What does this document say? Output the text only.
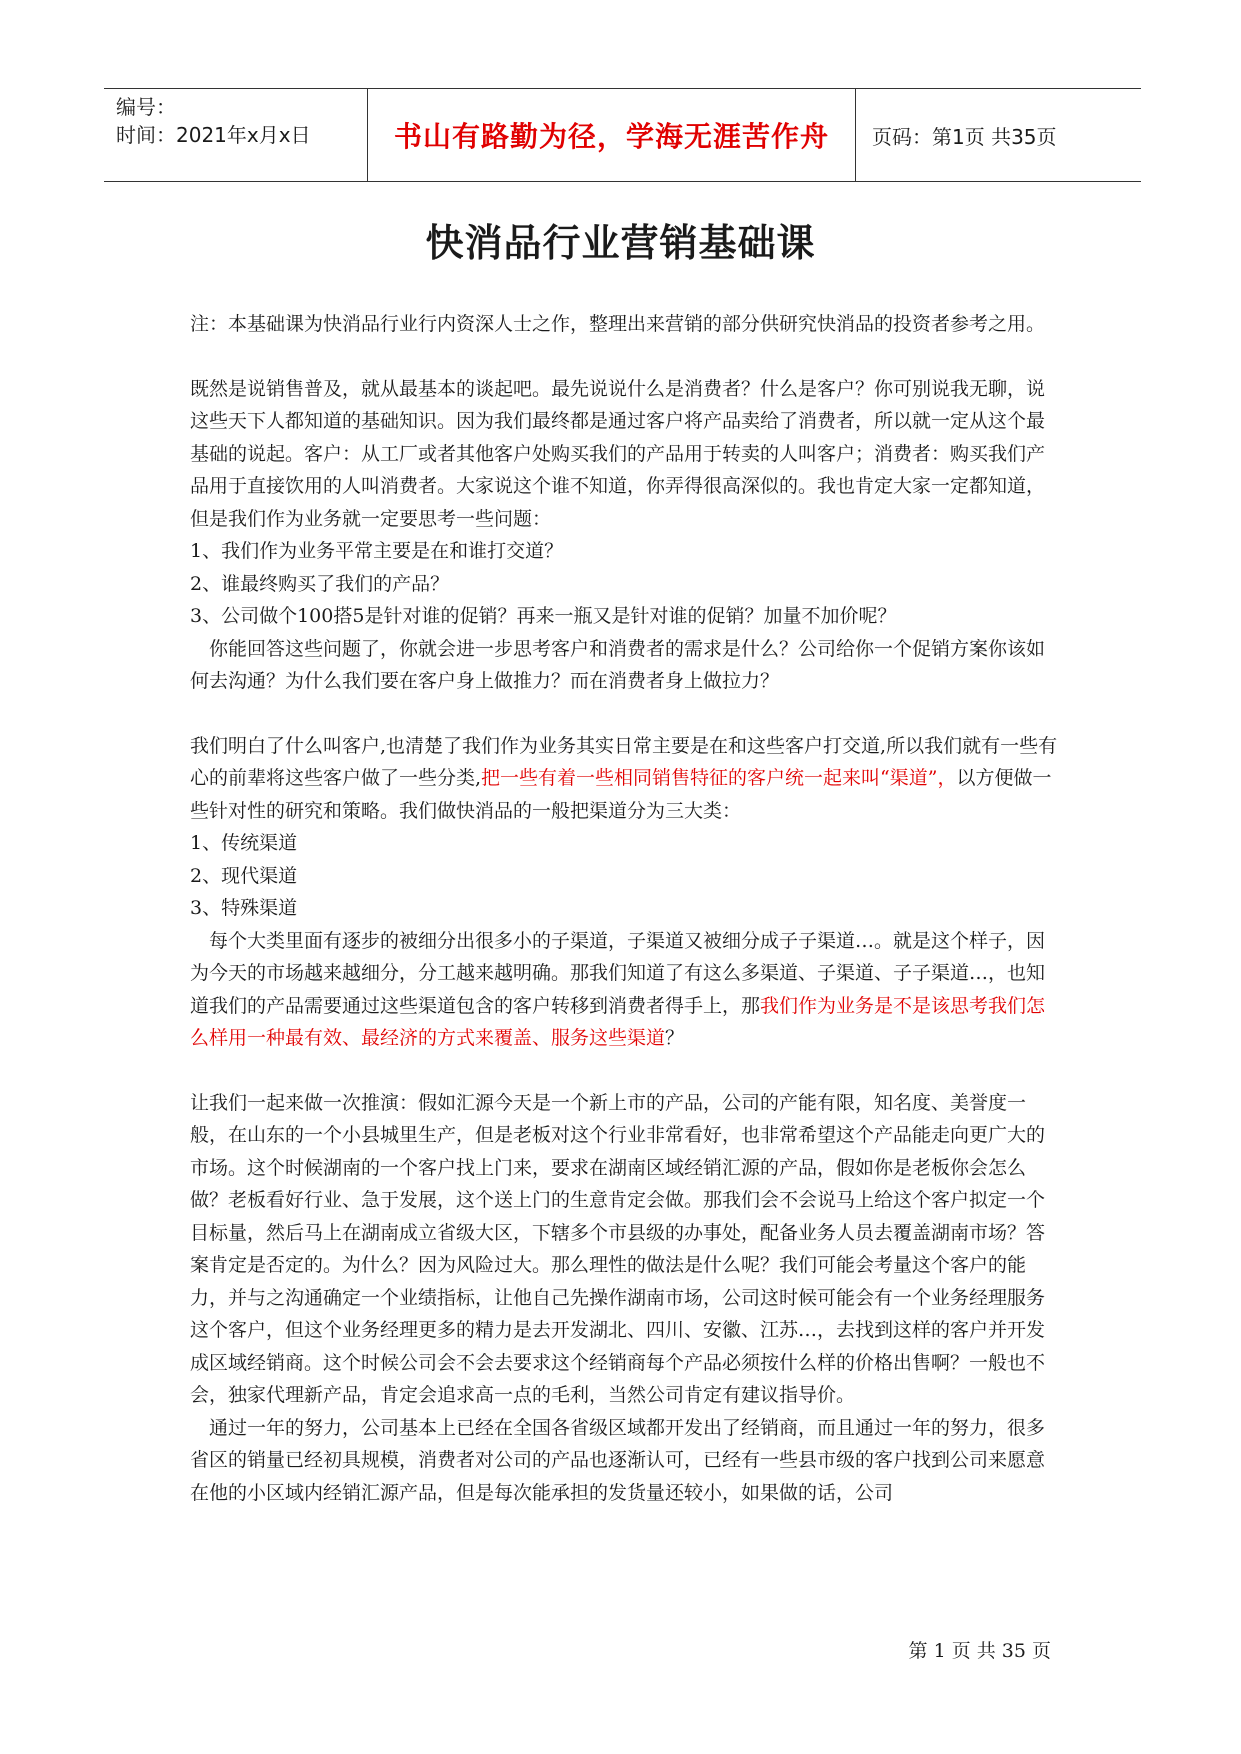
编号：
时间：2021年x月x日	书山有路勤为径，学海无涯苦作舟 页码：第1页 共35页
快消品行业营销基础课

注：本基础课为快消品行业行内资深人士之作，整理出来营销的部分供研究快消品的投资者参考之用。

既然是说销售普及，就从最基本的谈起吧。最先说说什么是消费者？什么是客户？你可别说我无聊，说这些天下人都知道的基础知识。因为我们最终都是通过客户将产品卖给了消费者，所以就一定从这个最基础的说起。客户：从工厂或者其他客户处购买我们的产品用于转卖的人叫客户；消费者：购买我们产品用于直接饮用的人叫消费者。大家说这个谁不知道，你弄得很高深似的。我也肯定大家一定都知道，但是我们作为业务就一定要思考一些问题：

1、我们作为业务平常主要是在和谁打交道？

2、谁最终购买了我们的产品？

3、公司做个100搭5是针对谁的促销？再来一瓶又是针对谁的促销？加量不加价呢？

你能回答这些问题了，你就会进一步思考客户和消费者的需求是什么？公司给你一个促销方案你该如何去沟通？为什么我们要在客户身上做推力？而在消费者身上做拉力？

我们明白了什么叫客户,也清楚了我们作为业务其实日常主要是在和这些客户打交道,所以我们就有一些有心的前辈将这些客户做了一些分类,把一些有着一些相同销售特征的客户统一起来叫“渠道”，以方便做一些针对性的研究和策略。我们做快消品的一般把渠道分为三大类：

1、传统渠道

2、现代渠道

3、特殊渠道

每个大类里面有逐步的被细分出很多小的子渠道，子渠道又被细分成子子渠道…。就是这个样子，因为今天的市场越来越细分，分工越来越明确。那我们知道了有这么多渠道、子渠道、子子渠道…，也知道我们的产品需要通过这些渠道包含的客户转移到消费者得手上，那我们作为业务是不是该思考我们怎么样用一种最有效、最经济的方式来覆盖、服务这些渠道？

让我们一起来做一次推演：假如汇源今天是一个新上市的产品，公司的产能有限，知名度、美誉度一般，在山东的一个小县城里生产，但是老板对这个行业非常看好，也非常希望这个产品能走向更广大的市场。这个时候湖南的一个客户找上门来，要求在湖南区域经销汇源的产品，假如你是老板你会怎么做？老板看好行业、急于发展，这个送上门的生意肯定会做。那我们会不会说马上给这个客户拟定一个目标量，然后马上在湖南成立省级大区，下辖多个市县级的办事处，配备业务人员去覆盖湖南市场？答案肯定是否定的。为什么？因为风险过大。那么理性的做法是什么呢？我们可能会考量这个客户的能力，并与之沟通确定一个业绩指标，让他自己先操作湖南市场，公司这时候可能会有一个业务经理服务这个客户，但这个业务经理更多的精力是去开发湖北、四川、安徽、江苏…，去找到这样的客户并开发成区域经销商。这个时候公司会不会去要求这个经销商每个产品必须按什么样的价格出售啊？一般也不会，独家代理新产品，肯定会追求高一点的毛利，当然公司肯定有建议指导价。

通过一年的努力，公司基本上已经在全国各省级区域都开发出了经销商，而且通过一年的努力，很多省区的销量已经初具规模，消费者对公司的产品也逐渐认可，已经有一些县市级的客户找到公司来愿意在他的小区域内经销汇源产品，但是每次能承担的发货量还较小，如果做的话，公司

第 1 页 共 35 页
